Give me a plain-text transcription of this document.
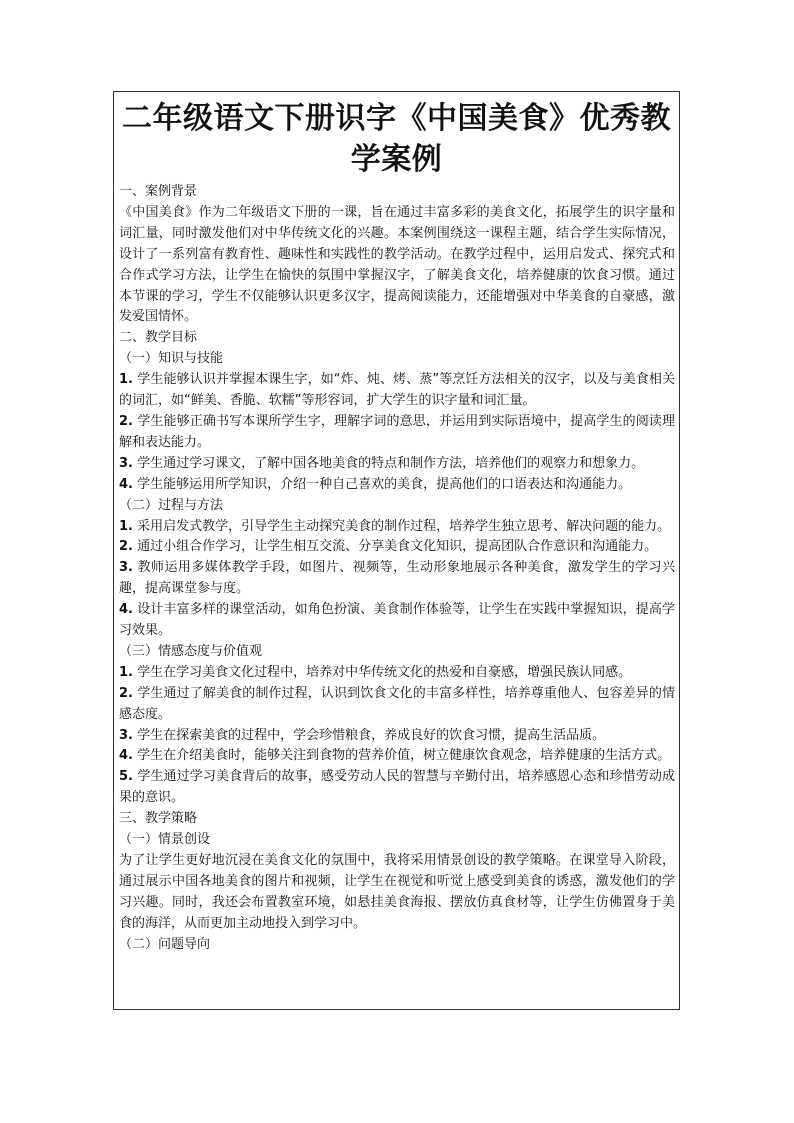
二年级语文下册识字《中国美食》优秀教学案例

一、案例背景

《中国美食》作为二年级语文下册的一课，旨在通过丰富多彩的美食文化，拓展学生的识字量和词汇量，同时激发他们对中华传统文化的兴趣。本案例围绕这一课程主题，结合学生实际情况，设计了一系列富有教育性、趣味性和实践性的教学活动。在教学过程中，运用启发式、探究式和合作式学习方法，让学生在愉快的氛围中掌握汉字，了解美食文化，培养健康的饮食习惯。通过本节课的学习，学生不仅能够认识更多汉字，提高阅读能力，还能增强对中华美食的自豪感，激发爱国情怀。

二、教学目标

（一）知识与技能

1. 学生能够认识并掌握本课生字，如“炸、炖、烤、蒸”等烹饪方法相关的汉字，以及与美食相关的词汇，如“鲜美、香脆、软糯”等形容词，扩大学生的识字量和词汇量。

2. 学生能够正确书写本课所学生字，理解字词的意思，并运用到实际语境中，提高学生的阅读理解和表达能力。

3. 学生通过学习课文，了解中国各地美食的特点和制作方法，培养他们的观察力和想象力。

4. 学生能够运用所学知识，介绍一种自己喜欢的美食，提高他们的口语表达和沟通能力。

（二）过程与方法

1. 采用启发式教学，引导学生主动探究美食的制作过程，培养学生独立思考、解决问题的能力。

2. 通过小组合作学习，让学生相互交流、分享美食文化知识，提高团队合作意识和沟通能力。

3. 教师运用多媒体教学手段，如图片、视频等，生动形象地展示各种美食，激发学生的学习兴趣，提高课堂参与度。

4. 设计丰富多样的课堂活动，如角色扮演、美食制作体验等，让学生在实践中掌握知识，提高学习效果。

（三）情感态度与价值观

1. 学生在学习美食文化过程中，培养对中华传统文化的热爱和自豪感，增强民族认同感。

2. 学生通过了解美食的制作过程，认识到饮食文化的丰富多样性，培养尊重他人、包容差异的情感态度。

3. 学生在探索美食的过程中，学会珍惜粮食，养成良好的饮食习惯，提高生活品质。

4. 学生在介绍美食时，能够关注到食物的营养价值，树立健康饮食观念，培养健康的生活方式。

5. 学生通过学习美食背后的故事，感受劳动人民的智慧与辛勤付出，培养感恩心态和珍惜劳动成果的意识。

三、教学策略

（一）情景创设

为了让学生更好地沉浸在美食文化的氛围中，我将采用情景创设的教学策略。在课堂导入阶段，通过展示中国各地美食的图片和视频，让学生在视觉和听觉上感受到美食的诱惑，激发他们的学习兴趣。同时，我还会布置教室环境，如悬挂美食海报、摆放仿真食材等，让学生仿佛置身于美食的海洋，从而更加主动地投入到学习中。

（二）问题导向
